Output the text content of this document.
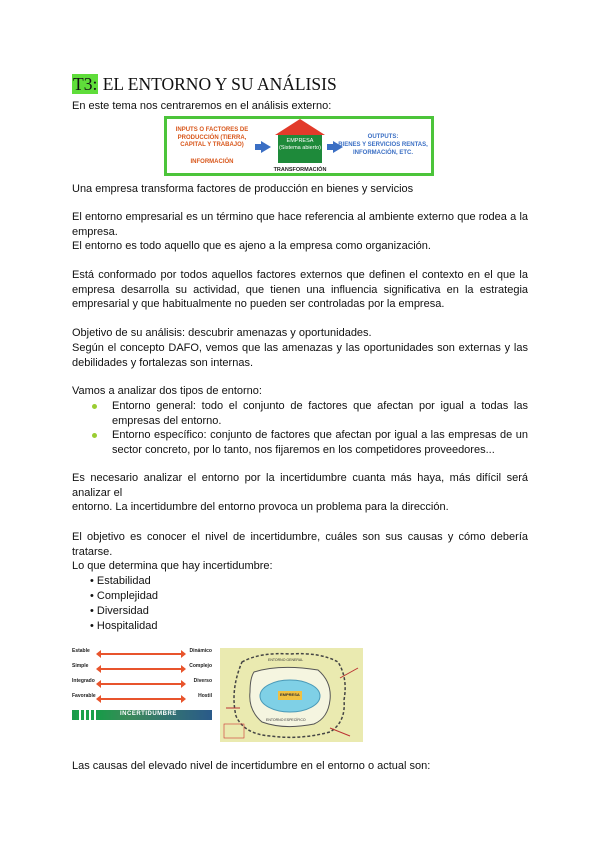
T3: EL ENTORNO Y SU ANÁLISIS

En este tema nos centraremos en el análisis externo:

Una empresa transforma factores de producción en bienes y servicios

El entorno empresarial es un término que hace referencia al ambiente externo que rodea a la empresa.

El entorno es todo aquello que es ajeno a la empresa como organización.

Está conformado por todos aquellos factores externos que definen el contexto en el que la empresa desarrolla su actividad, que tienen una influencia significativa en la estrategia empresarial y que habitualmente no pueden ser controladas por la empresa.

Objetivo de su análisis: descubrir amenazas y oportunidades.

Según el concepto DAFO, vemos que las amenazas y las oportunidades son externas y las debilidades y fortalezas son internas.

Vamos a analizar dos tipos de entorno:

Entorno general: todo el conjunto de factores que afectan por igual a todas las empresas del entorno.
Entorno específico: conjunto de factores que afectan por igual a las empresas de un sector concreto, por lo tanto, nos fijaremos en los competidores proveedores...

Es necesario analizar el entorno por la incertidumbre cuanta más haya, más difícil será analizar el

entorno. La incertidumbre del entorno provoca un problema para la dirección.

El objetivo es conocer el nivel de incertidumbre, cuáles son sus causas y cómo debería tratarse.

Lo que determina que hay incertidumbre:

Las causas del elevado nivel de incertidumbre en el entorno o actual son:

• Estabilidad
• Complejidad
• Diversidad
• Hospitalidad
INPUTS O FACTORES DE PRODUCCIÓN (TIERRA, CAPITAL Y TRABAJO)
INFORMACIÓN
EMPRESA
(Sistema abierto)
OUTPUTS:
BIENES Y SERVICIOS RENTAS, INFORMACIÓN, ETC.
TRANSFORMACIÓN
Estable	Dinámico
Simple	Complejo
Integrado	Diverso
Favorable	Hostil
INCERTIDUMBRE
EMPRESA
ENTORNO ESPECÍFICO
ENTORNO GENERAL
